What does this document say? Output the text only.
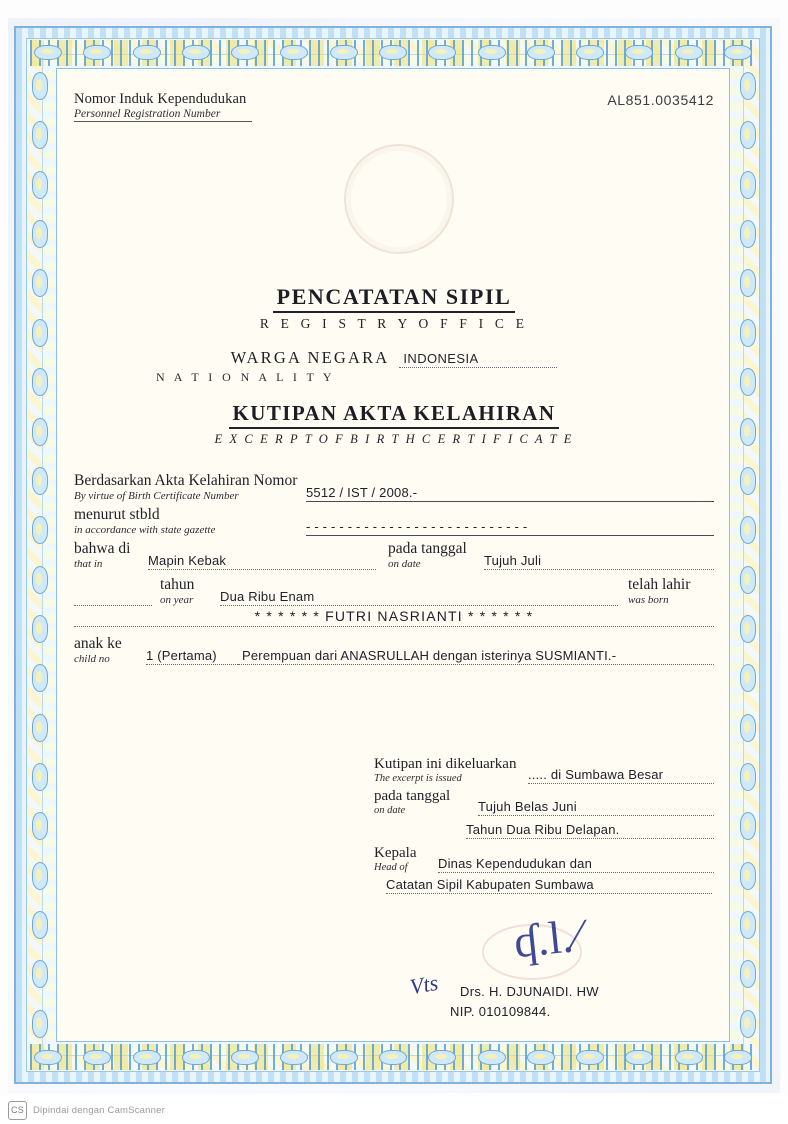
Nomor Induk Kependudukan
Personnel Registration Number
AL851.0035412
PENCATATAN SIPIL
R E G I S T R Y O F F I C E
WARGA NEGARA	INDONESIA
N A T I O N A L I T Y
KUTIPAN AKTA KELAHIRAN
E X C E R P T O F B I R T H C E R T I F I C A T E
Berdasarkan Akta Kelahiran Nomor
By virtue of Birth Certificate Number	5512 / IST / 2008.-
menurut stbld
in accordance with state gazette	- - - - - - - - - - - - - - - - - - - - - - - - - - -
bahwa di
that in	Mapin Kebak
pada tanggal
on date	Tujuh Juli
tahun
on year	Dua Ribu Enam
telah lahir
was born
* * * * * * FUTRI NASRIANTI * * * * * *
anak ke
child no	1 (Pertama)	Perempuan dari ANASRULLAH dengan isterinya SUSMIANTI.-
Kutipan ini dikeluarkan
The excerpt is issued	..... di Sumbawa Besar
pada tanggal
on date	Tujuh Belas Juni
Tahun Dua Ribu Delapan.
Kepala
Head of	Dinas Kependudukan dan
Catatan Sipil Kabupaten Sumbawa
ʠ.l.⁄
Vts Drs. H. DJUNAIDI. HW
NIP. 010109844.
CS Dipindai dengan CamScanner
